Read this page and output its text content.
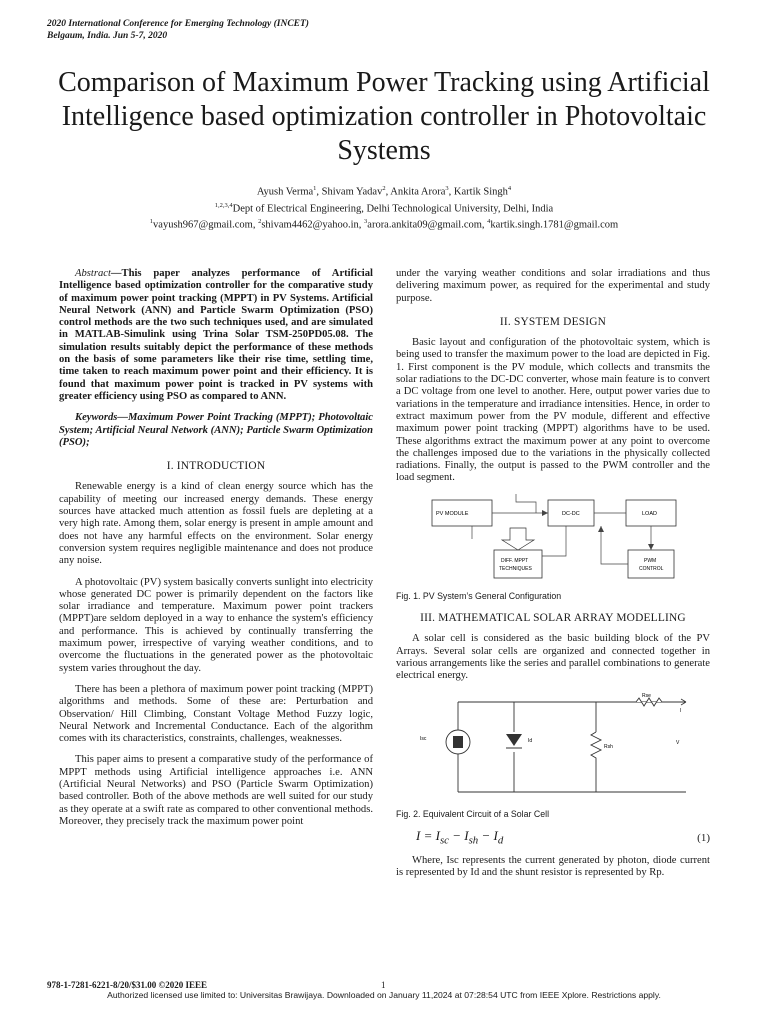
2020 International Conference for Emerging Technology (INCET)
Belgaum, India. Jun 5-7, 2020
Comparison of Maximum Power Tracking using Artificial Intelligence based optimization controller in Photovoltaic Systems
Ayush Verma$^1$, Shivam Yadav$^2$, Ankita Arora$^3$, Kartik Singh$^4$
$^{1,2,3,4}$Dept of Electrical Engineering, Delhi Technological University, Delhi, India
$^1$vayush967@gmail.com, $^2$shivam4462@yahoo.in, $^3$arora.ankita09@gmail.com, $^4$kartik.singh.1781@gmail.com

Abstract—This paper analyzes performance of Artificial Intelligence based optimization controller for the comparative study of maximum power point tracking (MPPT) in PV Systems. Artificial Neural Network (ANN) and Particle Swarm Optimization (PSO) control methods are the two such techniques used, and are simulated in MATLAB-Simulink using Trina Solar TSM-250PD05.08. The simulation results suitably depict the performance of these methods on the basis of some parameters like their rise time, settling time, time taken to reach maximum power point and their efficiency. It is found that maximum power point is tracked in PV systems with greater efficiency using PSO as compared to ANN.

Keywords—Maximum Power Point Tracking (MPPT); Photovoltaic System; Artificial Neural Network (ANN); Particle Swarm Optimization (PSO);

I. INTRODUCTION

Renewable energy is a kind of clean energy source which has the capability of meeting our increased energy demands. These energy sources have attacked much attention as fossil fuels are depleting at a very high rate. Among them, solar energy is present in ample amount and does not have any harmful effects on the environment. Solar energy conversion system requires negligible maintenance and does not produce any noise.

A photovoltaic (PV) system basically converts sunlight into electricity whose generated DC power is primarily dependent on the factors like solar irradiance and temperature. Maximum power point trackers (MPPT)are seldom deployed in a way to enhance the system's efficiency and performance. This is achieved by continually transferring the maximum power, irrespective of varying weather conditions, and to overcome the fluctuations in the generated power as the photovoltaic system varies throughout the day.

There has been a plethora of maximum power point tracking (MPPT) algorithms and methods. Some of these are: Perturbation and Observation/ Hill Climbing, Constant Voltage Method Fuzzy logic, Neural Network and Incremental Conductance. Each of the algorithm comes with its characteristics, constraints, challenges, weaknesses.

This paper aims to present a comparative study of the performance of MPPT methods using Artificial intelligence approaches i.e. ANN (Artificial Neural Networks) and PSO (Particle Swarm Optimization) based controller. Both of the above methods are well suited for our study as they operate at a swift rate as compared to other conventional methods. Moreover, they precisely track the maximum power point

under the varying weather conditions and solar irradiations and thus delivering maximum power, as required for the experimental and study purpose.

II. SYSTEM DESIGN

Basic layout and configuration of the photovoltaic system, which is being used to transfer the maximum power to the load are depicted in Fig. 1. First component is the PV module, which collects and transmits the solar radiations to the DC-DC converter, whose main feature is to convert a DC voltage from one level to another. Here, output power varies due to variations in the temperature and irradiance intensities. Hence, in order to extract maximum power from the PV module, different and effective maximum power point tracking (MPPT) algorithms have to be used. These algorithms extract the maximum power at any point to overcome the challenges imposed due to the variations in the physically collected radiations. Finally, the output is passed to the PWM controller and the load segment.

PV MODULE	DC-DC	LOAD
DIFF. MPPT
TECHNIQUES
PWM
CONTROL

Fig. 1. PV System’s General Configuration

III. MATHEMATICAL SOLAR ARRAY MODELLING

A solar cell is considered as the basic building block of the PV Arrays. Several solar cells are organized and connected together in various arrangements like the series and parallel combinations to generate electrical energy.

Isc	Id
Rsh
Rse
I
V

Fig. 2. Equivalent Circuit of a Solar Cell

$I = I_{sc} - I_{sh} - I_d$	(1)

Where, Isc represents the current generated by photon, diode current is represented by Id and the shunt resistor is represented by Rp.

978-1-7281-6221-8/20/$31.00 ©2020 IEEE	1
Authorized licensed use limited to: Universitas Brawijaya. Downloaded on January 11,2024 at 07:28:54 UTC from IEEE Xplore. Restrictions apply.
